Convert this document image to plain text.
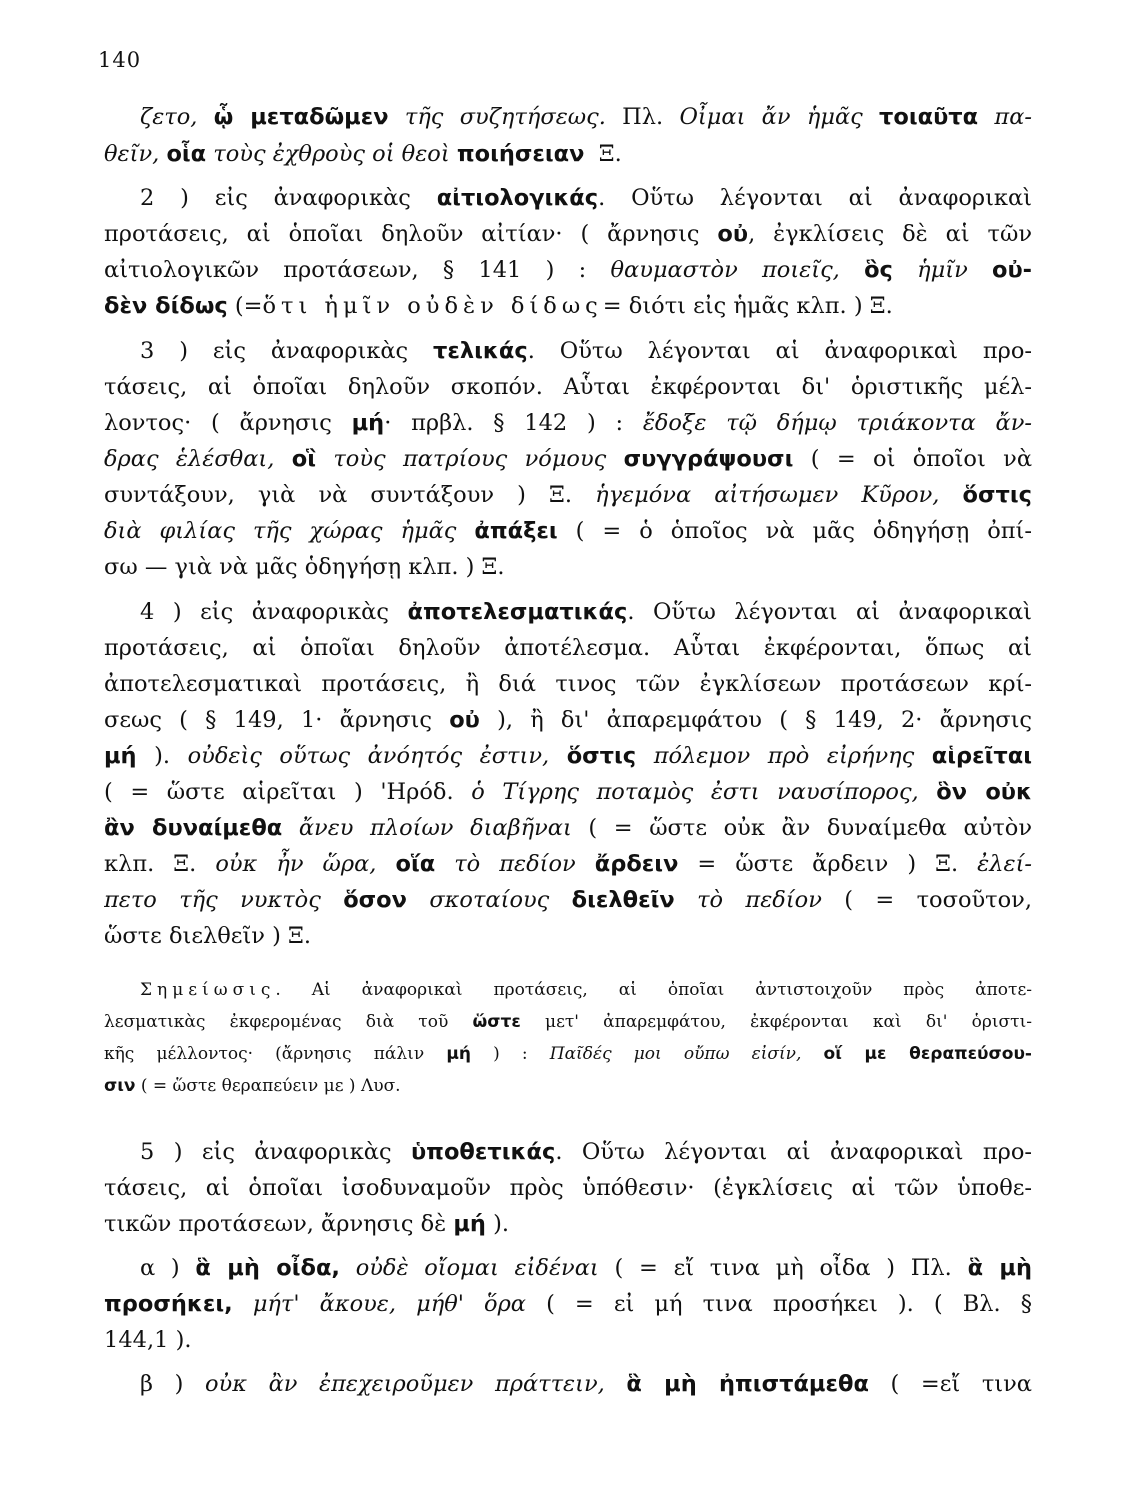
140
ζετο, ᾧ μεταδῶμεν τῆς συζητήσεως. Πλ. Οἶμαι ἄν ἡμᾶς τοιαῦτα πα-
θεῖν, οἷα τοὺς ἐχθροὺς οἱ θεοὶ ποιήσειαν  Ξ.
2 ) εἰς ἀναφορικὰς αἰτιολογικάς. Οὕτω λέγονται αἱ ἀναφορικαὶ
προτάσεις, αἱ ὁποῖαι δηλοῦν αἰτίαν· ( ἄρνησις οὐ, ἐγκλίσεις δὲ αἱ τῶν
αἰτιολογικῶν προτάσεων, § 141 ) : θαυμαστὸν ποιεῖς, ὃς ἡμῖν οὐ-
δὲν δίδως (=ὅτι ἡμῖν οὐδὲν δίδως= διότι εἰς ἡμᾶς κλπ. ) Ξ.
3 ) εἰς ἀναφορικὰς τελικάς. Οὕτω λέγονται αἱ ἀναφορικαὶ προ-
τάσεις, αἱ ὁποῖαι δηλοῦν σκοπόν. Αὗται ἐκφέρονται δι' ὁριστικῆς μέλ-
λοντος· ( ἄρνησις μή· πρβλ. § 142 ) : ἔδοξε τῷ δήμῳ τριάκοντα ἄν-
δρας ἑλέσθαι, οἳ τοὺς πατρίους νόμους συγγράψουσι ( = οἱ ὁποῖοι νὰ
συντάξουν, γιὰ νὰ συντάξουν ) Ξ. ἡγεμόνα αἰτήσωμεν Κῦρον, ὅστις
διὰ φιλίας τῆς χώρας ἡμᾶς ἀπάξει ( = ὁ ὁποῖος νὰ μᾶς ὁδηγήσῃ ὀπί-
σω — γιὰ νὰ μᾶς ὁδηγήσῃ κλπ. ) Ξ.
4 ) εἰς ἀναφορικὰς ἀποτελεσματικάς. Οὕτω λέγονται αἱ ἀναφορικαὶ
προτάσεις, αἱ ὁποῖαι δηλοῦν ἀποτέλεσμα. Αὗται ἐκφέρονται, ὅπως αἱ
ἀποτελεσματικαὶ προτάσεις, ἢ διά τινος τῶν ἐγκλίσεων προτάσεων κρί-
σεως ( § 149, 1· ἄρνησις οὐ ), ἢ δι' ἀπαρεμφάτου ( § 149, 2· ἄρνησις
μή ). οὐδεὶς οὕτως ἀνόητός ἐστιν, ὅστις πόλεμον πρὸ εἰρήνης αἱρεῖται
( = ὥστε αἱρεῖται ) 'Ηρόδ. ὁ Τίγρης ποταμὸς ἐστι ναυσίπορος, ὃν οὐκ
ἂν δυναίμεθα ἄνευ πλοίων διαβῆναι ( = ὥστε οὐκ ἂν δυναίμεθα αὐτὸν
κλπ. Ξ. οὐκ ἦν ὥρα, οἵα τὸ πεδίον ἄρδειν = ὥστε ἄρδειν ) Ξ. ἐλεί-
πετο τῆς νυκτὸς ὅσον σκοταίους διελθεῖν τὸ πεδίον ( = τοσοῦτον,
ὥστε διελθεῖν ) Ξ.
Σημείωσις. Αἱ ἀναφορικαὶ προτάσεις, αἱ ὁποῖαι ἀντιστοιχοῦν πρὸς ἀποτε-
λεσματικὰς ἐκφερομένας διὰ τοῦ ὥστε μετ' ἀπαρεμφάτου, ἐκφέρονται καὶ δι' ὁριστι-
κῆς μέλλοντος· (ἄρνησις πάλιν μή ) : Παῖδές μοι οὔπω εἰσίν, οἵ με θεραπεύσου-
σιν ( = ὥστε θεραπεύειν με ) Λυσ.
5 ) εἰς ἀναφορικὰς ὑποθετικάς. Οὕτω λέγονται αἱ ἀναφορικαὶ προ-
τάσεις, αἱ ὁποῖαι ἰσοδυναμοῦν πρὸς ὑπόθεσιν· (ἐγκλίσεις αἱ τῶν ὑποθε-
τικῶν προτάσεων, ἄρνησις δὲ μή ).
α ) ἃ μὴ οἶδα, οὐδὲ οἴομαι εἰδέναι ( = εἴ τινα μὴ οἶδα ) Πλ. ἃ μὴ
προσήκει, μήτ' ἄκουε, μήθ' ὅρα ( = εἰ μή τινα προσήκει ). ( Βλ. §
144,1 ).
β ) οὐκ ἂν ἐπεχειροῦμεν πράττειν, ἃ μὴ ἠπιστάμεθα ( =εἴ τινα
